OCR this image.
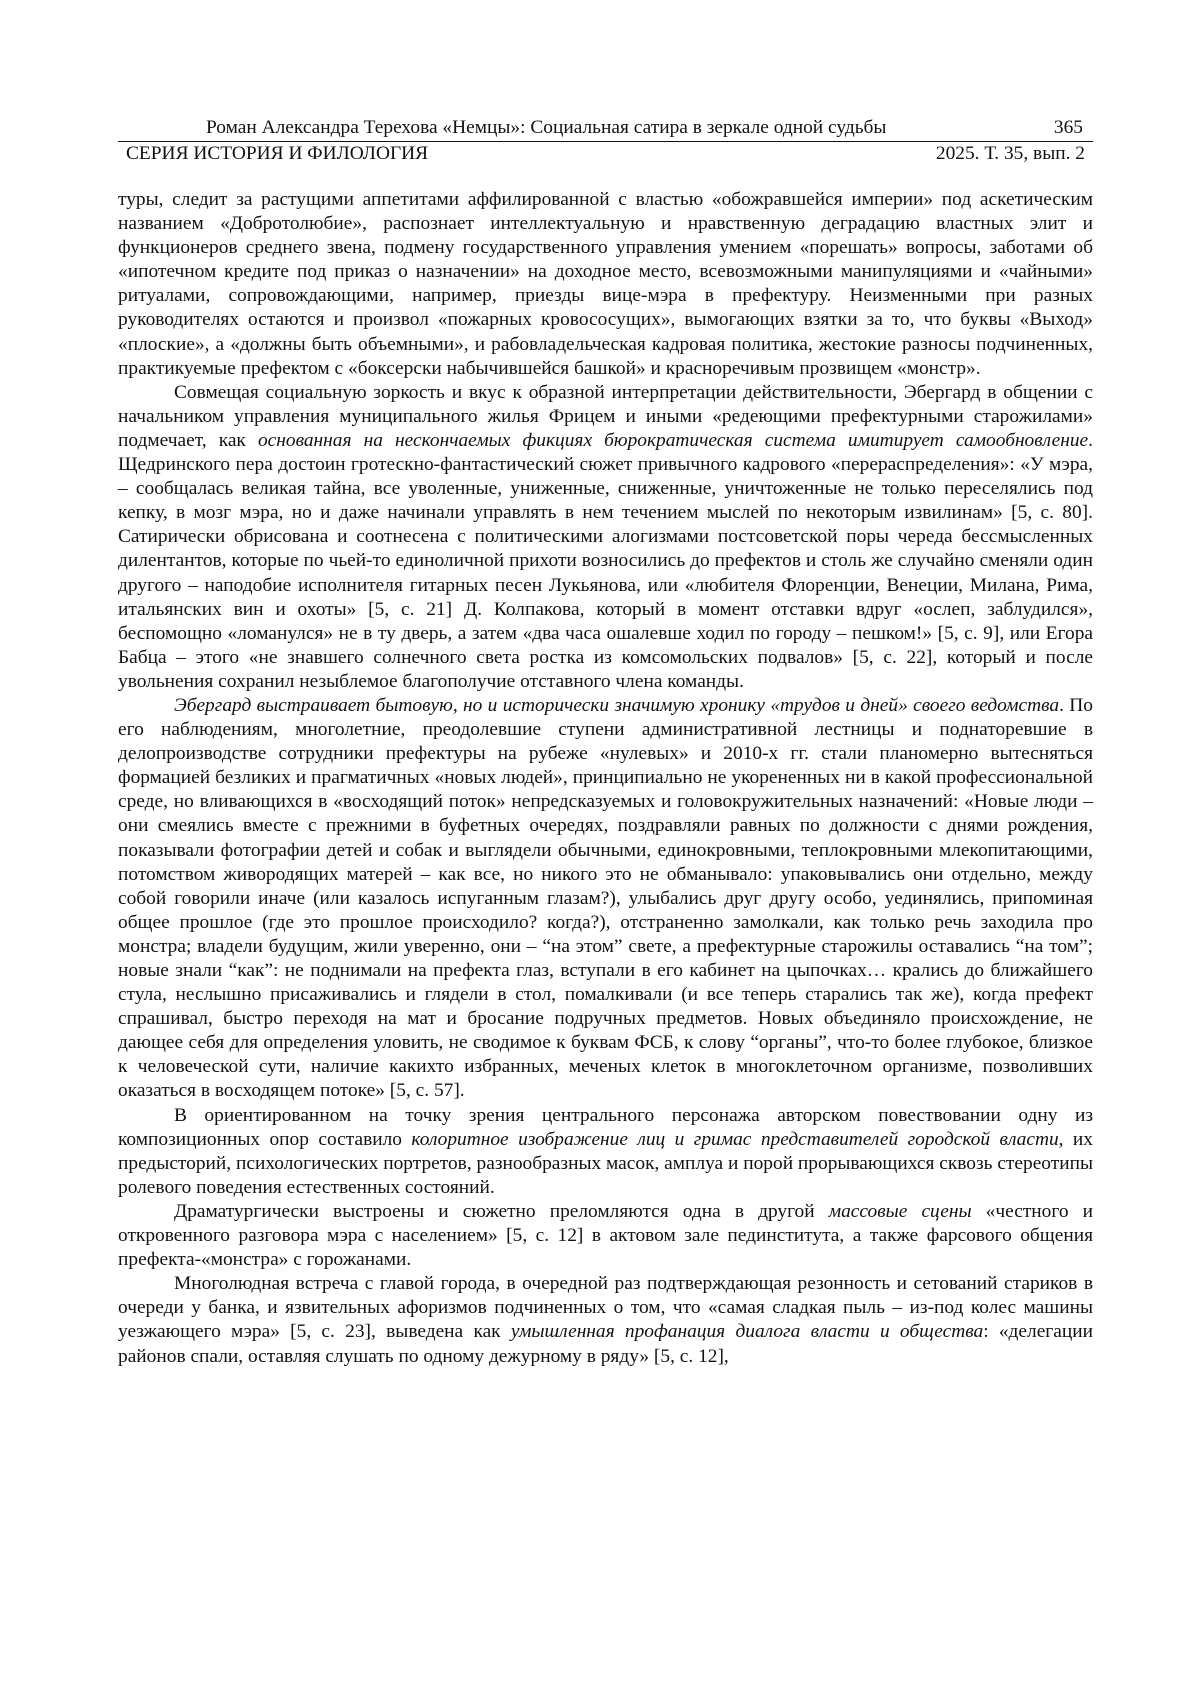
Роман Александра Терехова «Немцы»: Социальная сатира в зеркале одной судьбы	365
СЕРИЯ ИСТОРИЯ И ФИЛОЛОГИЯ	2025. Т. 35, вып. 2

туры, следит за растущими аппетитами аффилированной с властью «обожравшейся империи» под аскетическим названием «Добротолюбие», распознает интеллектуальную и нравственную деградацию властных элит и функционеров среднего звена, подмену государственного управления умением «порешать» вопросы, заботами об «ипотечном кредите под приказ о назначении» на доходное место, всевозможными манипуляциями и «чайными» ритуалами, сопровождающими, например, приезды вице-мэра в префектуру. Неизменными при разных руководителях остаются и произвол «пожарных кровососущих», вымогающих взятки за то, что буквы «Выход» «плоские», а «должны быть объемными», и рабовладельческая кадровая политика, жестокие разносы подчиненных, практикуемые префектом с «боксерски набычившейся башкой» и красноречивым прозвищем «монстр».

Совмещая социальную зоркость и вкус к образной интерпретации действительности, Эбергард в общении с начальником управления муниципального жилья Фрицем и иными «редеющими префектурными старожилами» подмечает, как основанная на нескончаемых фикциях бюрократическая система имитирует самообновление. Щедринского пера достоин гротескно-фантастический сюжет привычного кадрового «перераспределения»: «У мэра, – сообщалась великая тайна, все уволенные, униженные, сниженные, уничтоженные не только переселялись под кепку, в мозг мэра, но и даже начинали управлять в нем течением мыслей по некоторым извилинам» [5, с. 80]. Сатирически обрисована и соотнесена с политическими алогизмами постсоветской поры череда бессмысленных дилентантов, которые по чьей-то единоличной прихоти возносились до префектов и столь же случайно сменяли один другого – наподобие исполнителя гитарных песен Лукьянова, или «любителя Флоренции, Венеции, Милана, Рима, итальянских вин и охоты» [5, с. 21] Д. Колпакова, который в момент отставки вдруг «ослеп, заблудился», беспомощно «ломанулся» не в ту дверь, а затем «два часа ошалевше ходил по городу – пешком!» [5, с. 9], или Егора Бабца – этого «не знавшего солнечного света ростка из комсомольских подвалов» [5, с. 22], который и после увольнения сохранил незыблемое благополучие отставного члена команды.

Эбергард выстраивает бытовую, но и исторически значимую хронику «трудов и дней» своего ведомства. По его наблюдениям, многолетние, преодолевшие ступени административной лестницы и поднаторевшие в делопроизводстве сотрудники префектуры на рубеже «нулевых» и 2010-х гг. стали планомерно вытесняться формацией безликих и прагматичных «новых людей», принципиально не укорененных ни в какой профессиональной среде, но вливающихся в «восходящий поток» непредсказуемых и головокружительных назначений: «Новые люди – они смеялись вместе с прежними в буфетных очередях, поздравляли равных по должности с днями рождения, показывали фотографии детей и собак и выглядели обычными, единокровными, теплокровными млекопитающими, потомством живородящих матерей – как все, но никого это не обманывало: упаковывались они отдельно, между собой говорили иначе (или казалось испуганным глазам?), улыбались друг другу особо, уединялись, припоминая общее прошлое (где это прошлое происходило? когда?), отстраненно замолкали, как только речь заходила про монстра; владели будущим, жили уверенно, они – “на этом” свете, а префектурные старожилы оставались “на том”; новые знали “как”: не поднимали на префекта глаз, вступали в его кабинет на цыпочках… крались до ближайшего стула, неслышно присаживались и глядели в стол, помалкивали (и все теперь старались так же), когда префект спрашивал, быстро переходя на мат и бросание подручных предметов. Новых объединяло происхождение, не дающее себя для определения уловить, не сводимое к буквам ФСБ, к слову “органы”, что-то более глубокое, близкое к человеческой сути, наличие какихто избранных, меченых клеток в многоклеточном организме, позволивших оказаться в восходящем потоке» [5, с. 57].

В ориентированном на точку зрения центрального персонажа авторском повествовании одну из композиционных опор составило колоритное изображение лиц и гримас представителей городской власти, их предысторий, психологических портретов, разнообразных масок, амплуа и порой прорывающихся сквозь стереотипы ролевого поведения естественных состояний.

Драматургически выстроены и сюжетно преломляются одна в другой массовые сцены «честного и откровенного разговора мэра с населением» [5, с. 12] в актовом зале пединститута, а также фарсового общения префекта-«монстра» с горожанами.

Многолюдная встреча с главой города, в очередной раз подтверждающая резонность и сетований стариков в очереди у банка, и язвительных афоризмов подчиненных о том, что «самая сладкая пыль – из-под колес машины уезжающего мэра» [5, с. 23], выведена как умышленная профанация диалога власти и общества: «делегации районов спали, оставляя слушать по одному дежурному в ряду» [5, с. 12],
